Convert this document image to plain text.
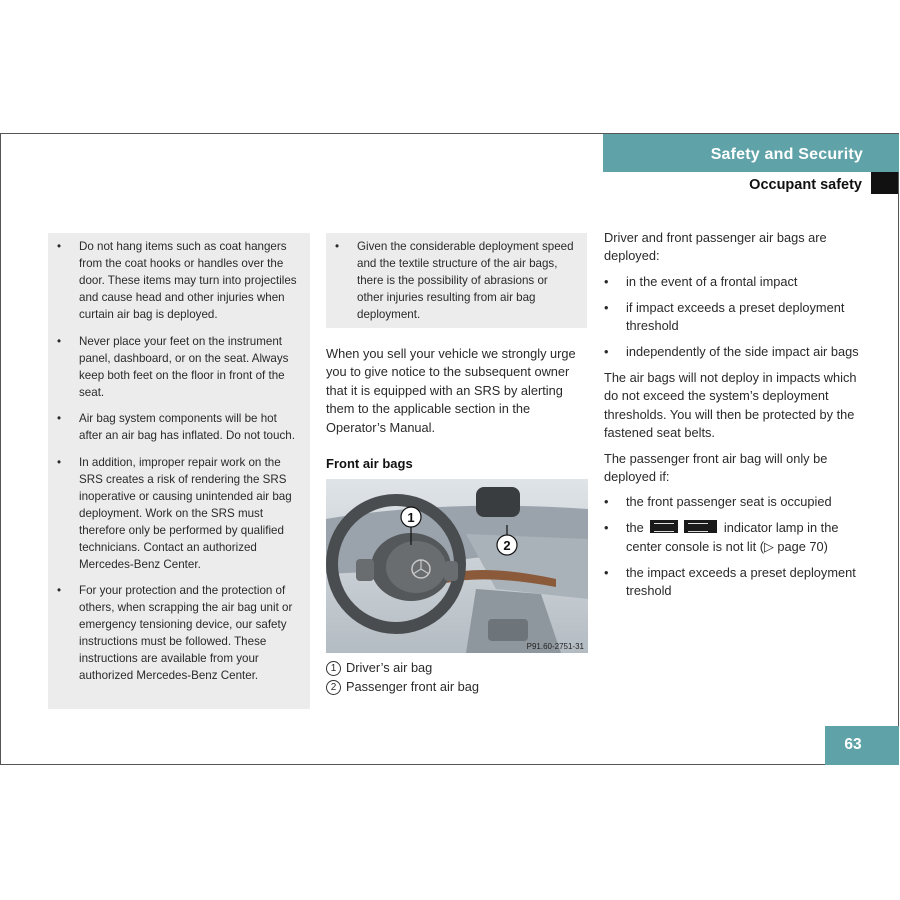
Safety and Security
Occupant safety
• Do not hang items such as coat hangers from the coat hooks or handles over the door. These items may turn into projectiles and cause head and other injuries when curtain air bag is deployed.
• Never place your feet on the instrument panel, dashboard, or on the seat. Always keep both feet on the floor in front of the seat.
• Air bag system components will be hot after an air bag has inflated. Do not touch.
• In addition, improper repair work on the SRS creates a risk of rendering the SRS inoperative or causing unintended air bag deployment. Work on the SRS must therefore only be performed by qualified technicians. Contact an authorized Mercedes-Benz Center.
• For your protection and the protection of others, when scrapping the air bag unit or emergency tensioning device, our safety instructions must be followed. These instructions are available from your authorized Mercedes-Benz Center.
• Given the considerable deployment speed and the textile structure of the air bags, there is the possibility of abrasions or other injuries resulting from air bag deployment.
When you sell your vehicle we strongly urge you to give notice to the subsequent owner that it is equipped with an SRS by alerting them to the applicable section in the Operator’s Manual.
Front air bags
1
2
P91.60-2751-31
1 Driver’s air bag
2 Passenger front air bag

Driver and front passenger air bags are deployed:

• in the event of a frontal impact
• if impact exceeds a preset deployment threshold
• independently of the side impact air bags

The air bags will not deploy in impacts which do not exceed the system’s deployment thresholds. You will then be protected by the fastened seat belts.

The passenger front air bag will only be deployed if:

• the front passenger seat is occupied
• the	indicator lamp in the center console is not lit (▷ page 70)
• the impact exceeds a preset deployment treshold
63
